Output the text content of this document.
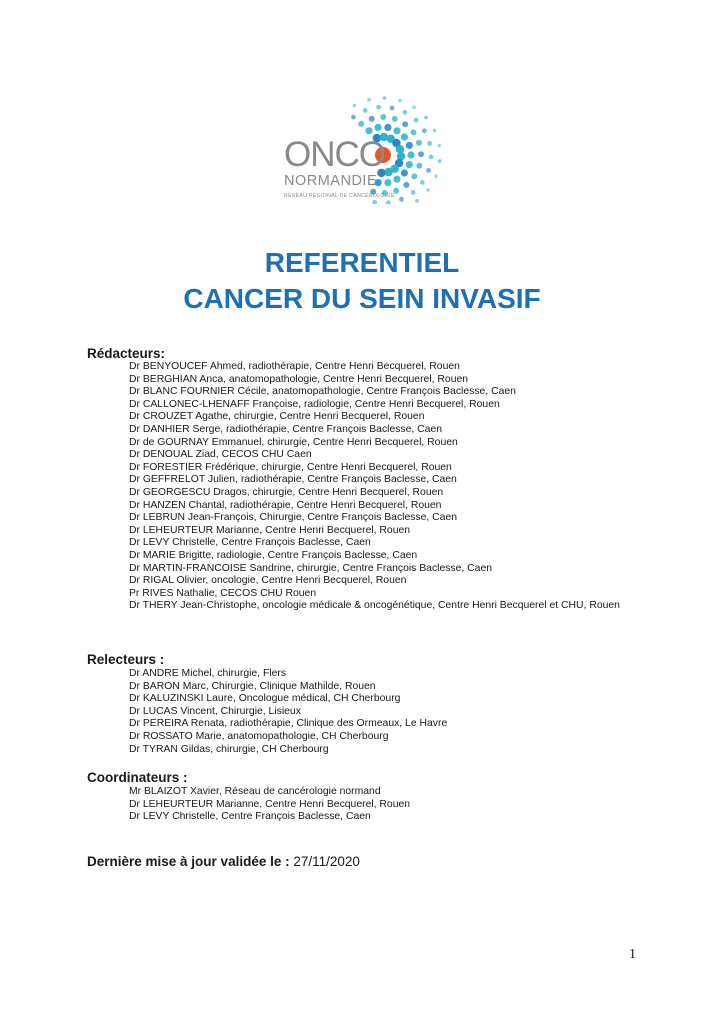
ONCO
NORMANDIE
RÉSEAU RÉGIONAL DE CANCÉROLOGIE
REFERENTIEL
CANCER DU SEIN INVASIF
Rédacteurs:
Dr BENYOUCEF Ahmed, radiothérapie, Centre Henri Becquerel, Rouen
Dr BERGHIAN Anca, anatomopathologie, Centre Henri Becquerel, Rouen
Dr BLANC FOURNIER Cécile, anatomopathologie, Centre François Baclesse, Caen
Dr CALLONEC-LHENAFF Françoise, radiologie, Centre Henri Becquerel, Rouen
Dr CROUZET Agathe, chirurgie, Centre Henri Becquerel, Rouen
Dr DANHIER Serge, radiothérapie, Centre François Baclesse, Caen
Dr de GOURNAY Emmanuel, chirurgie, Centre Henri Becquerel, Rouen
Dr DENOUAL Ziad, CECOS CHU Caen
Dr FORESTIER Frédérique, chirurgie, Centre Henri Becquerel, Rouen
Dr GEFFRELOT Julien, radiothérapie, Centre François Baclesse, Caen
Dr GEORGESCU Dragos, chirurgie, Centre Henri Becquerel, Rouen
Dr HANZEN Chantal, radiothérapie, Centre Henri Becquerel, Rouen
Dr LEBRUN Jean-François, Chirurgie, Centre François Baclesse, Caen
Dr LEHEURTEUR Marianne, Centre Henri Becquerel, Rouen
Dr LEVY Christelle, Centre François Baclesse, Caen
Dr MARIE Brigitte, radiologie, Centre François Baclesse, Caen
Dr MARTIN-FRANCOISE Sandrine, chirurgie, Centre François Baclesse, Caen
Dr RIGAL Olivier, oncologie, Centre Henri Becquerel, Rouen
Pr RIVES Nathalie, CECOS CHU Rouen
Dr THERY Jean-Christophe, oncologie médicale & oncogénétique, Centre Henri Becquerel et CHU, Rouen
Relecteurs :
Dr ANDRE Michel, chirurgie, Flers
Dr BARON Marc, Chirurgie, Clinique Mathilde, Rouen
Dr KALUZINSKI Laure, Oncologue médical, CH Cherbourg
Dr LUCAS Vincent, Chirurgie, Lisieux
Dr PEREIRA Renata, radiothérapie, Clinique des Ormeaux, Le Havre
Dr ROSSATO Marie, anatomopathologie, CH Cherbourg
Dr TYRAN Gildas, chirurgie, CH Cherbourg
Coordinateurs :
Mr BLAIZOT Xavier, Réseau de cancérologie normand
Dr LEHEURTEUR Marianne, Centre Henri Becquerel, Rouen
Dr LEVY Christelle, Centre François Baclesse, Caen
Dernière mise à jour validée le : 27/11/2020
1
